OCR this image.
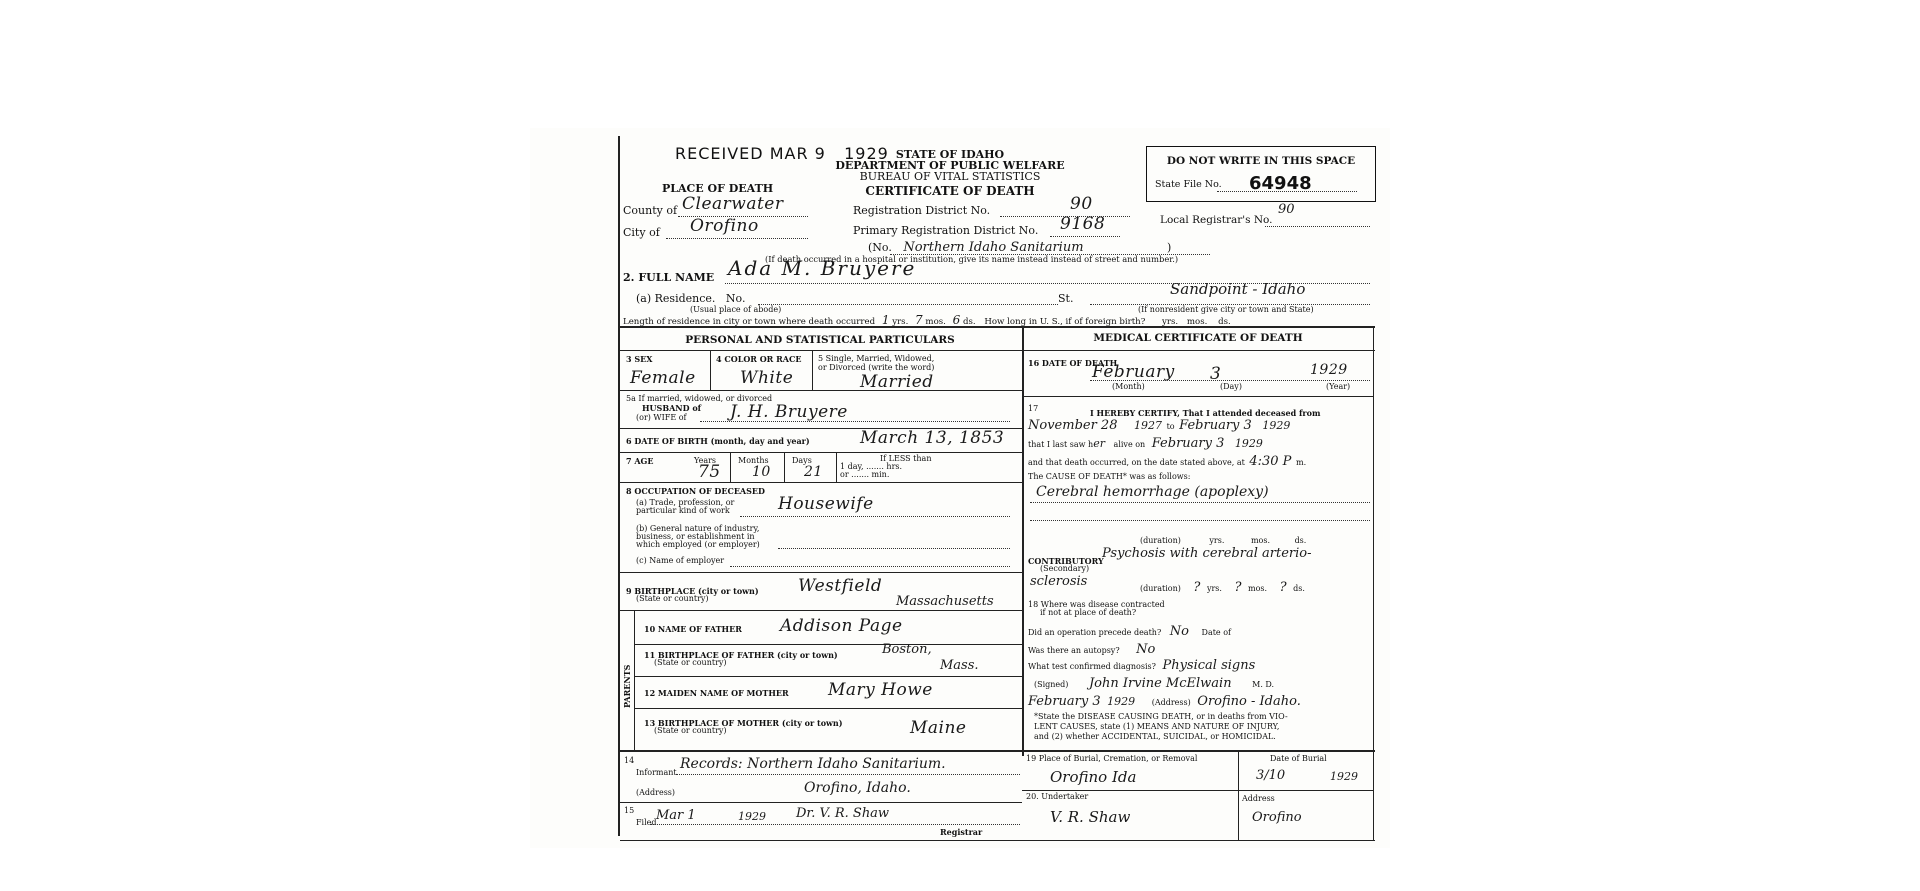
RECEIVED MAR 9 1929 STATE OF IDAHO
DEPARTMENT OF PUBLIC WELFARE
BUREAU OF VITAL STATISTICS
CERTIFICATE OF DEATH
DO NOT WRITE IN THIS SPACE
State File No. 64948
PLACE OF DEATH
County of Clearwater
City of Orofino
Registration District No.	90
Primary Registration District No. 9168	Local Registrar's No.
90
(No. Northern Idaho Sanitarium	)
(If death occurred in a hospital or institution, give its name instead instead of street and number.)
2. FULL NAME Ada M. Bruyere
(a) Residence. No.	St.
Sandpoint - Idaho
(Usual place of abode)	(If nonresident give city or town and State)
Length of residence in city or town where death occurred 1 yrs. 7 mos. 6 ds. How long in U. S., if of foreign birth? yrs. mos. ds.
PERSONAL AND STATISTICAL PARTICULARS
3 SEX
Female
4 COLOR OR RACE
White
5 Single, Married, Widowed,
or Divorced (write the word)
Married
5a If married, widowed, or divorced
HUSBAND of
(or) WIFE of	J. H. Bruyere
6 DATE OF BIRTH (month, day and year)	March 13, 1853
7 AGE	Years	Months	Days	If LESS than
1 day, ....... hrs.
or ....... min.
75 10 21
8 OCCUPATION OF DECEASED
(a) Trade, profession, or
particular kind of work	Housewife
(b) General nature of industry,
business, or establishment in
which employed (or employer)
(c) Name of employer
9 BIRTHPLACE (city or town)
(State or country)
Westfield
Massachusetts
PARENTS
10 NAME OF FATHER Addison Page
11 BIRTHPLACE OF FATHER (city or town)
(State or country)
Boston,
Mass.
12 MAIDEN NAME OF MOTHER Mary Howe
13 BIRTHPLACE OF MOTHER (city or town)
(State or country)	Maine
14
Informant
Records: Northern Idaho Sanitarium.
(Address)	Orofino, Idaho.
15
Filed Mar 1	1929 Dr. V. R. Shaw
Registrar
MEDICAL CERTIFICATE OF DEATH
16 DATE OF DEATH
February 3	1929
(Month)	(Day)	(Year)
17	I HEREBY CERTIFY, That I attended deceased from
November 28 1927 to February 3 1929
that I last saw her alive on February 3 1929
and that death occurred, on the date stated above, at 4:30 P m.
The CAUSE OF DEATH* was as follows:
Cerebral hemorrhage (apoplexy)
(duration)	yrs.	mos.	ds.
CONTRIBUTORY
(Secondary)
Psychosis with cerebral arterio-
sclerosis	(duration) ? yrs. ? mos. ? ds.
18 Where was disease contracted
if not at place of death?
Did an operation precede death? No Date of
Was there an autopsy? No
What test confirmed diagnosis? Physical signs
(Signed) John Irvine McElwain	M. D.
February 3 1929 (Address) Orofino - Idaho.
*State the DISEASE CAUSING DEATH, or in deaths from VIO-
LENT CAUSES, state (1) MEANS AND NATURE OF INJURY,
and (2) whether ACCIDENTAL, SUICIDAL, or HOMICIDAL.
19 Place of Burial, Cremation, or Removal
Orofino Ida
Date of Burial
3/10	1929
20. Undertaker
V. R. Shaw
Address
Orofino
